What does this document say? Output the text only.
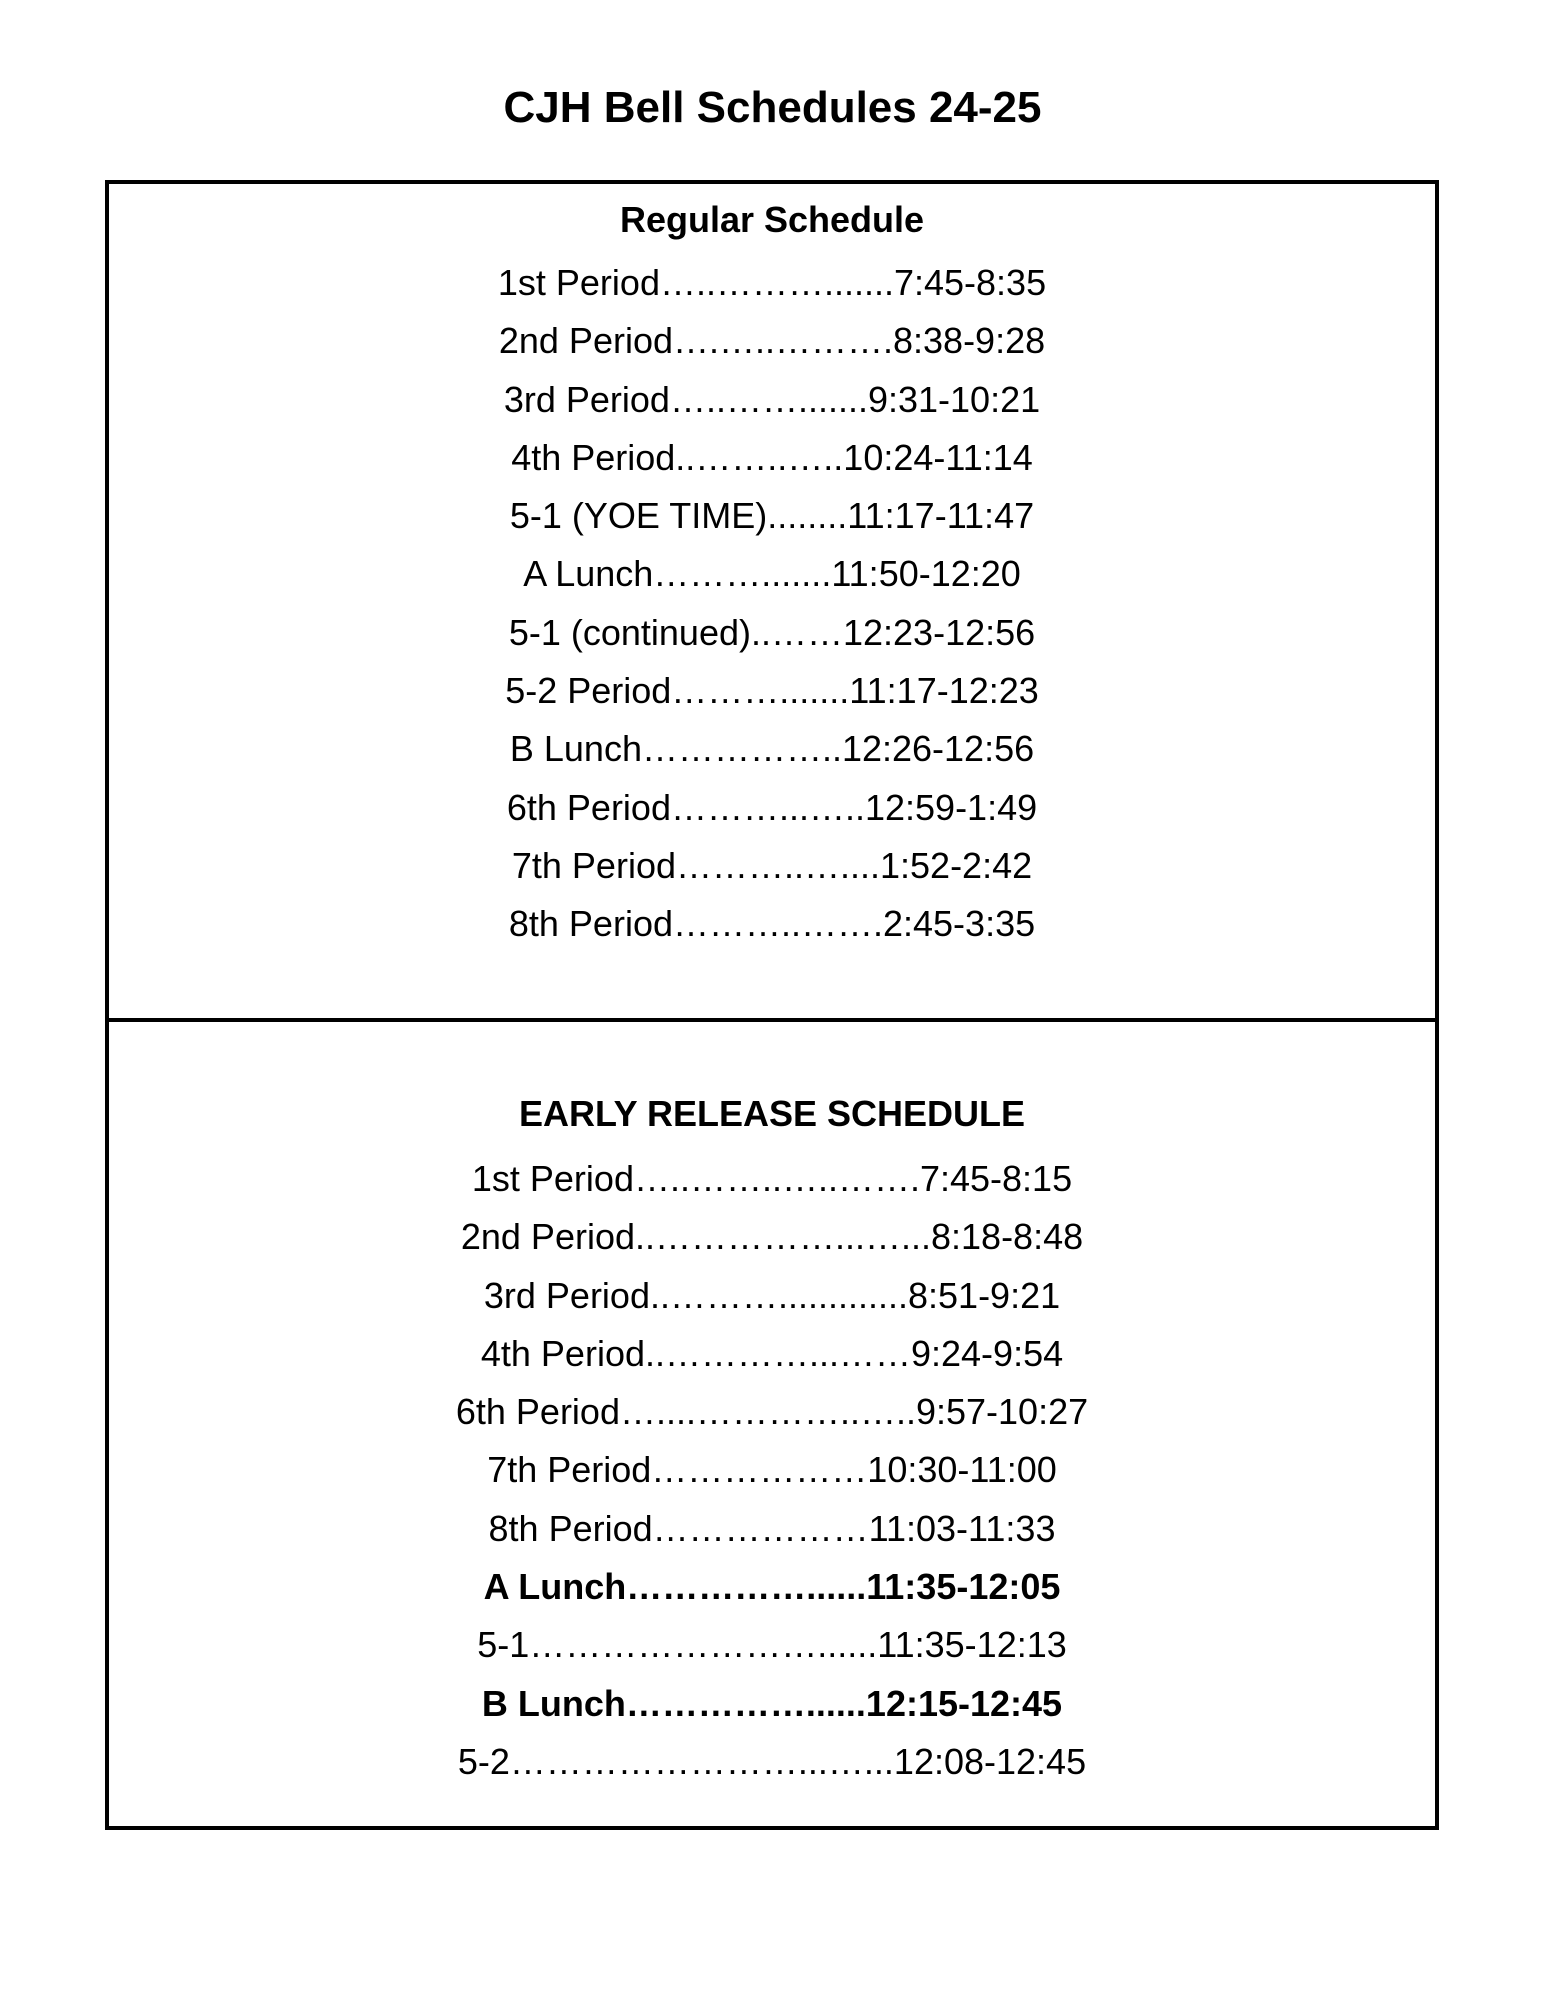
CJH Bell Schedules 24-25
Regular Schedule
1st Period…..……….......7:45-8:35
2nd Period….…..……….8:38-9:28
3rd Period…..…….......9:31-10:21
4th Period..……..…..10:24-11:14
5-1 (YOE TIME)........11:17-11:47
A Lunch……….......11:50-12:20
5-1 (continued)..……12:23-12:56
5-2 Period……….......11:17-12:23
B Lunch……………..12:26-12:56
6th Period………...…..12:59-1:49
7th Period………..…....1:52-2:42
8th Period………..…….2:45-3:35
EARLY RELEASE SCHEDULE
1st Period…..……..…..…….7:45-8:15
2nd Period..……………...…...8:18-8:48
3rd Period..……….............8:51-9:21
4th Period..…………...……9:24-9:54
6th Period…....…………..…..9:57-10:27
7th Period………………10:30-11:00
8th Period………………11:03-11:33
A Lunch……………......11:35-12:05
5-1……………………......11:35-12:13
B Lunch……………......12:15-12:45
5-2……………………...…...12:08-12:45
